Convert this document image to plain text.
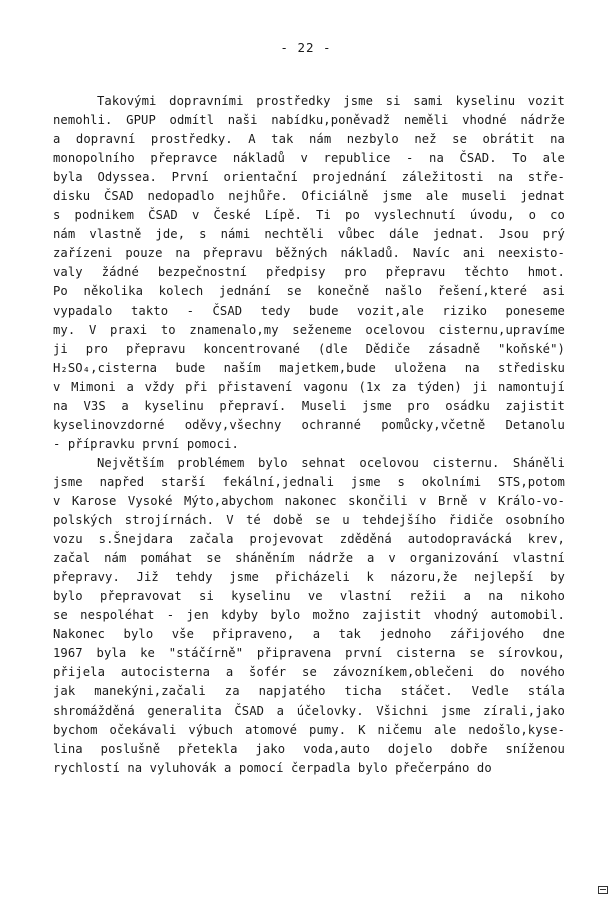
- 22 -
Takovými dopravními prostředky jsme si sami kyselinu vozit
nemohli. GPUP odmítl naši nabídku,poněvadž neměli vhodné nádrže
a dopravní prostředky. A tak nám nezbylo než se obrátit na
monopolního přepravce nákladů v republice - na ČSAD. To ale
byla Odyssea. První orientační projednání záležitosti na stře-
disku ČSAD nedopadlo nejhůře. Oficiálně jsme ale museli jednat
s podnikem ČSAD v České Lípě. Ti po vyslechnutí úvodu, o co
nám vlastně jde, s námi nechtěli vůbec dále jednat. Jsou prý
zařízeni pouze na přepravu běžných nákladů. Navíc ani neexisto-
valy žádné bezpečnostní předpisy pro přepravu těchto hmot.
Po několika kolech jednání se konečně našlo řešení,které asi
vypadalo takto - ČSAD tedy bude vozit,ale riziko poneseme
my. V praxi to znamenalo,my seženeme ocelovou cisternu,upravíme
ji pro přepravu koncentrované (dle Dědiče zásadně "koňské")
H₂SO₄,cisterna bude naším majetkem,bude uložena na středisku
v Mimoni a vždy při přistavení vagonu (1x za týden) ji namontují
na V3S a kyselinu přepraví. Museli jsme pro osádku zajistit
kyselinovzdorné oděvy,všechny ochranné pomůcky,včetně Detanolu
- přípravku první pomoci.
Největším problémem bylo sehnat ocelovou cisternu. Sháněli
jsme napřed starší fekální,jednali jsme s okolními STS,potom
v Karose Vysoké Mýto,abychom nakonec skončili v Brně v Králo-vo-
polských strojírnách. V té době se u tehdejšího řidiče osobního
vozu s.Šnejdara začala projevovat zděděná autodopravácká krev,
začal nám pomáhat se sháněním nádrže a v organizování vlastní
přepravy. Již tehdy jsme přicházeli k názoru,že nejlepší by
bylo přepravovat si kyselinu ve vlastní režii a na nikoho
se nespoléhat - jen kdyby bylo možno zajistit vhodný automobil.
Nakonec bylo vše připraveno, a tak jednoho zářijového dne
1967 byla ke "stáčírně" připravena první cisterna se sírovkou,
přijela autocisterna a šofér se závozníkem,oblečeni do nového
jak manekýni,začali za napjatého ticha stáčet. Vedle stála
shromážděná generalita ČSAD a účelovky. Všichni jsme zírali,jako
bychom očekávali výbuch atomové pumy. K ničemu ale nedošlo,kyse-
lina poslušně přetekla jako voda,auto dojelo dobře sníženou
rychlostí na vyluhovák a pomocí čerpadla bylo přečerpáno do
